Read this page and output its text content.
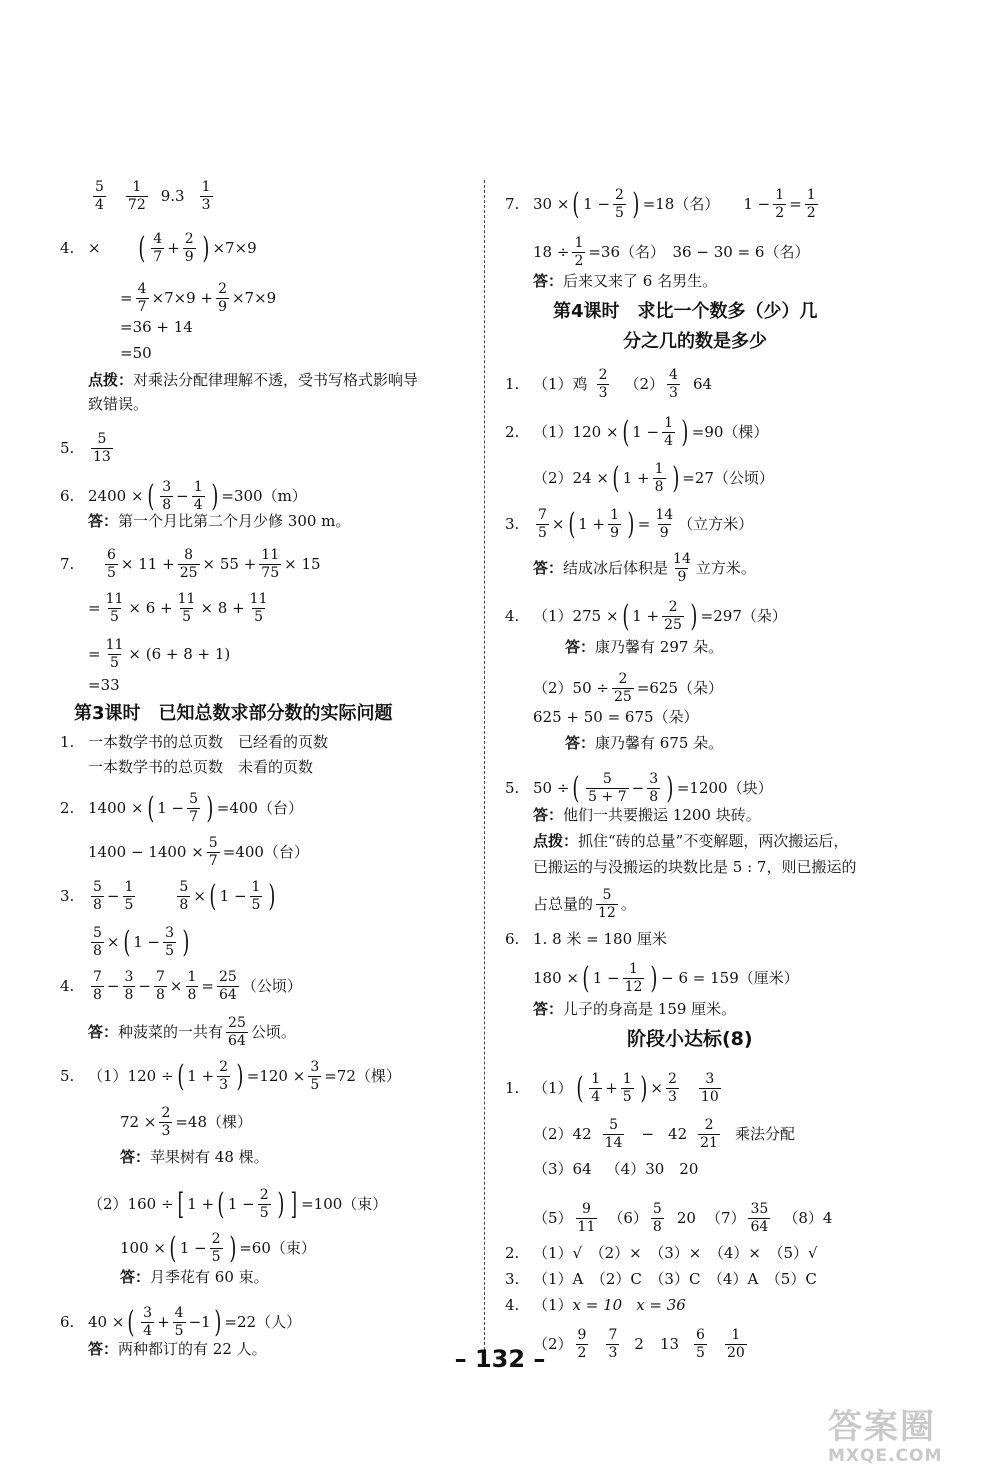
$\frac{5}{4} \frac{1}{72} 9.3 \frac{1}{3}$
4. × ( $\frac{4}{7} + \frac{2}{9}$ ) ×7×9
= $\frac{4}{7} \times 7\times 9 + \frac{2}{9} \times 7\times 9$
=36 + 14
=50
点拨： 对乘法分配律理解不透，受书写格式影响导
致错误。
5.	$\frac{5}{13}$
6. 2400 × ( $\frac{3}{8} - \frac{1}{4}$ ) =300（m）
答： 第一个月比第二个月少修 300 m。
7.	$\frac{6}{5} \times 11 + \frac{8}{25} \times 55 + \frac{11}{75} \times 15$
= $\frac{11}{5} \times 6 + \frac{11}{5} \times 8 + \frac{11}{5}$
= $\frac{11}{5} \times (6 + 8 + 1)$
=33
第3课时　已知总数求部分数的实际问题
1. 一本数学书的总页数　已经看的页数
一本数学书的总页数　未看的页数
2. 1400 × ( $1 - \frac{5}{7}$ ) =400（台）
$1400 - 1400 \times \frac{5}{7} =400$（台）
3.	$\frac{5}{8} - \frac{1}{5}$	$\frac{5}{8}$ × ( $1 - \frac{1}{5}$ )
$\frac{5}{8}$ × ( $1 - \frac{3}{5}$ )
4.	$\frac{7}{8} - \frac{3}{8} - \frac{7}{8} \times \frac{1}{8} = \frac{25}{64}$ （公顷）
答： 种菠菜的一共有 $\frac{25}{64}$ 公顷。
5. （1） 120 ÷ ( $1 + \frac{2}{3}$ ) $=120 \times \frac{3}{5} =72$（棵）
$72 \times \frac{2}{3} =48$（棵）
答： 苹果树有 48 棵。
（2） 160 ÷ [ 1 + ( $1 - \frac{2}{5}$ ) ] =100（束）
100 × ( $1 - \frac{2}{5}$ ) =60（束）
答： 月季花有 60 束。
6. 40 × ( $\frac{3}{4} + \frac{4}{5} -1$ ) =22（人）
答： 两种都订的有 22 人。
7. 30 × ( $1 - \frac{2}{5}$ ) =18（名） $1 - \frac{1}{2} = \frac{1}{2}$
$18 \div \frac{1}{2} =36$（名）　36 − 30 = 6（名）
答： 后来又来了 6 名男生。
第4课时　求比一个数多（少）几
分之几的数是多少
1. （1） 鸡 $\frac{2}{3} (2) \frac{4}{3} 64$
2. （1） 120 × ( $1 - \frac{1}{4}$ ) =90（棵）
（2） 24 × ( $1 + \frac{1}{8}$ ) =27（公顷）
3.	$\frac{7}{5}$ × ( $1 + \frac{1}{9}$ ) = $\frac{14}{9}$ （立方米）
答： 结成冰后体积是 $\frac{14}{9}$ 立方米。
4. （1） 275 × ( $1 + \frac{2}{25}$ ) =297（朵）
答： 康乃馨有 297 朵。
（2） $50 \div \frac{2}{25} =625$（朵）
625 + 50 = 675（朵）
答： 康乃馨有 675 朵。
5. 50 ÷ ( $\frac{5}{5 + 7} - \frac{3}{8}$ ) =1200（块）
答： 他们一共要搬运 1200 块砖。
点拨： 抓住“砖的总量”不变解题，两次搬运后，
已搬运的与没搬运的块数比是 5 : 7，则已搬运的
占总量的 $\frac{5}{12}$ 。
6. 1. 8 米 = 180 厘米
180 × ( $1 - \frac{1}{12}$ ) − 6 = 159（厘米）
答： 儿子的身高是 159 厘米。
阶段小达标(8)
1. （1） ( $\frac{1}{4} + \frac{1}{5}$ ) × $\frac{2}{3} \frac{3}{10}$
（2） $42 \frac{5}{14} - 42 \frac{2}{21}$ 乘法分配
（3） 64 （4） 30　20
$(5) \frac{9}{11} (6) \frac{5}{8} 20$ $(7) \frac{35}{64} (8)$ 4
2. （1）√　（2）×　（3）×　（4）×　（5）√
3. （1）A　（2）C　（3）C　（4）A　（5）C
4. （1） x = 10 x = 36
$(2) \frac{9}{2} \frac{7}{3} 2$ $13 \frac{6}{5} \frac{1}{20}$
– 132 –
答案圈
MXQE.COM
